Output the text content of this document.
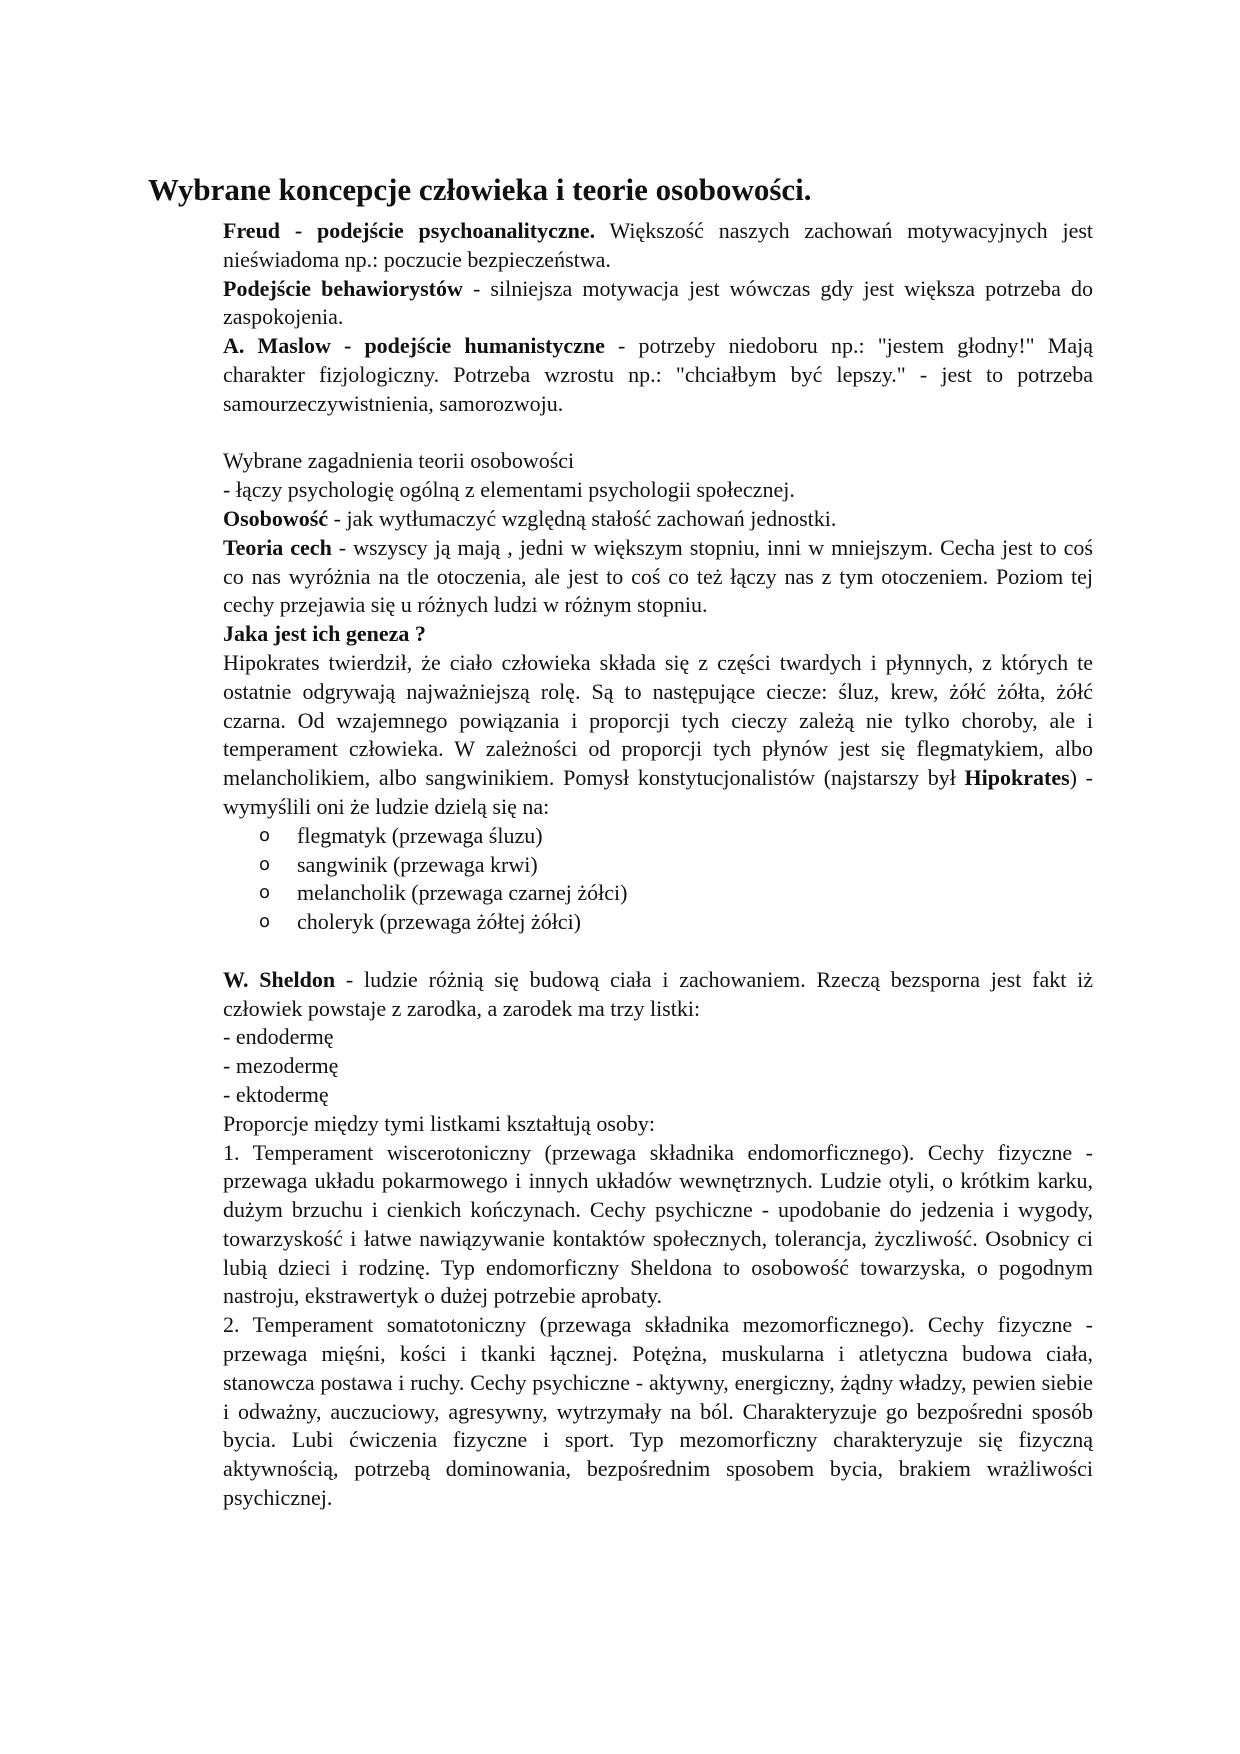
Wybrane koncepcje człowieka i teorie osobowości.

Freud - podejście psychoanalityczne. Większość naszych zachowań motywacyjnych jest nieświadoma np.: poczucie bezpieczeństwa.

Podejście behawiorystów - silniejsza motywacja jest wówczas gdy jest większa potrzeba do zaspokojenia.

A. Maslow - podejście humanistyczne - potrzeby niedoboru np.: "jestem głodny!" Mają charakter fizjologiczny. Potrzeba wzrostu np.: "chciałbym być lepszy." - jest to potrzeba samourzeczywistnienia, samorozwoju.

Wybrane zagadnienia teorii osobowości

- łączy psychologię ogólną z elementami psychologii społecznej.

Osobowość - jak wytłumaczyć względną stałość zachowań jednostki.

Teoria cech - wszyscy ją mają , jedni w większym stopniu, inni w mniejszym. Cecha jest to coś co nas wyróżnia na tle otoczenia, ale jest to coś co też łączy nas z tym otoczeniem. Poziom tej cechy przejawia się u różnych ludzi w różnym stopniu.

Jaka jest ich geneza ?

Hipokrates twierdził, że ciało człowieka składa się z części twardych i płynnych, z których te ostatnie odgrywają najważniejszą rolę. Są to następujące ciecze: śluz, krew, żółć żółta, żółć czarna. Od wzajemnego powiązania i proporcji tych cieczy zależą nie tylko choroby, ale i temperament człowieka. W zależności od proporcji tych płynów jest się flegmatykiem, albo melancholikiem, albo sangwinikiem. Pomysł konstytucjonalistów (najstarszy był Hipokrates) - wymyślili oni że ludzie dzielą się na:

o flegmatyk (przewaga śluzu)
o sangwinik (przewaga krwi)
o melancholik (przewaga czarnej żółci)
o choleryk (przewaga żółtej żółci)

W. Sheldon - ludzie różnią się budową ciała i zachowaniem. Rzeczą bezsporna jest fakt iż człowiek powstaje z zarodka, a zarodek ma trzy listki:

- endodermę

- mezodermę

- ektodermę

Proporcje między tymi listkami kształtują osoby:

1. Temperament wiscerotoniczny (przewaga składnika endomorficznego). Cechy fizyczne - przewaga układu pokarmowego i innych układów wewnętrznych. Ludzie otyli, o krótkim karku, dużym brzuchu i cienkich kończynach. Cechy psychiczne - upodobanie do jedzenia i wygody, towarzyskość i łatwe nawiązywanie kontaktów społecznych, tolerancja, życzliwość. Osobnicy ci lubią dzieci i rodzinę. Typ endomorficzny Sheldona to osobowość towarzyska, o pogodnym nastroju, ekstrawertyk o dużej potrzebie aprobaty.

2. Temperament somatotoniczny (przewaga składnika mezomorficznego). Cechy fizyczne - przewaga mięśni, kości i tkanki łącznej. Potężna, muskularna i atletyczna budowa ciała, stanowcza postawa i ruchy. Cechy psychiczne - aktywny, energiczny, żądny władzy, pewien siebie i odważny, auczuciowy, agresywny, wytrzymały na ból. Charakteryzuje go bezpośredni sposób bycia. Lubi ćwiczenia fizyczne i sport. Typ mezomorficzny charakteryzuje się fizyczną aktywnością, potrzebą dominowania, bezpośrednim sposobem bycia, brakiem wrażliwości psychicznej.
